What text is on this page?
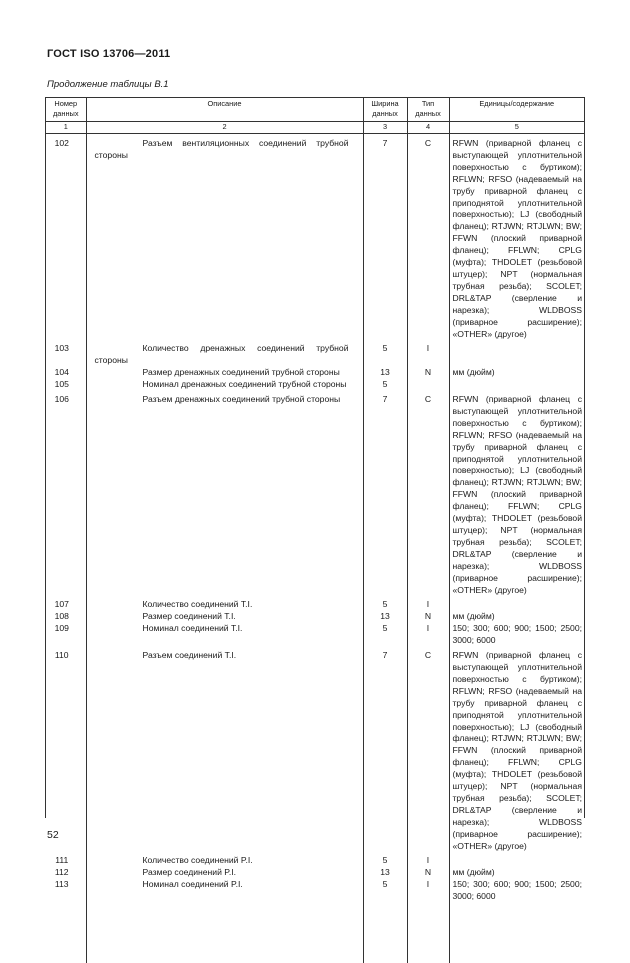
ГОСТ ISO 13706—2011
Продолжение таблицы В.1
Номер данных	Описание	Ширина данных	Тип данных	Единицы/содержание
1	2	3	4	5
102	Разъем вентиляционных соединений трубной стороны	7	C	RFWN (приварной фланец с выступающей уплотнительной поверхностью с буртиком); RFLWN; RFSO (надеваемый на трубу приварной фланец с приподнятой уплотнительной поверхностью); LJ (свободный фланец); RTJWN; RTJLWN; BW; FFWN (плоский приварной фланец); FFLWN; CPLG (муфта); THDOLET (резьбовой штуцер); NPT (нормальная трубная резьба); SCOLET; DRL&TAP (сверление и нарезка); WLDBOSS (приварное расширение); «OTHER» (другое)

103	Количество дренажных соединений трубной стороны	5	I	
104	Размер дренажных соединений трубной стороны	13	N	мм (дюйм)
105	Номинал дренажных соединений трубной стороны	5		

106	Разъем дренажных соединений трубной стороны	7	C	RFWN (приварной фланец с выступающей уплотнительной поверхностью с буртиком); RFLWN; RFSO (надеваемый на трубу приварной фланец с приподнятой уплотнительной поверхностью); LJ (свободный фланец); RTJWN; RTJLWN; BW; FFWN (плоский приварной фланец); FFLWN; CPLG (муфта); THDOLET (резьбовой штуцер); NPT (нормальная трубная резьба); SCOLET; DRL&TAP (сверление и нарезка); WLDBOSS (приварное расширение); «OTHER» (другое)

107	Количество соединений T.I.	5	I	
108	Размер соединений T.I.	13	N	мм (дюйм)
109	Номинал соединений T.I.	5	I	150; 300; 600; 900; 1500; 2500; 3000; 6000

110	Разъем соединений T.I.	7	C	RFWN (приварной фланец с выступающей уплотнительной поверхностью с буртиком); RFLWN; RFSO (надеваемый на трубу приварной фланец с приподнятой уплотнительной поверхностью); LJ (свободный фланец); RTJWN; RTJLWN; BW; FFWN (плоский приварной фланец); FFLWN; CPLG (муфта); THDOLET (резьбовой штуцер); NPT (нормальная трубная резьба); SCOLET; DRL&TAP (сверление и нарезка); WLDBOSS (приварное расширение); «OTHER» (другое)

111	Количество соединений P.I.	5	I	
112	Размер соединений P.I.	13	N	мм (дюйм)
113	Номинал соединений P.I.	5	I	150; 300; 600; 900; 1500; 2500; 3000; 6000

52
